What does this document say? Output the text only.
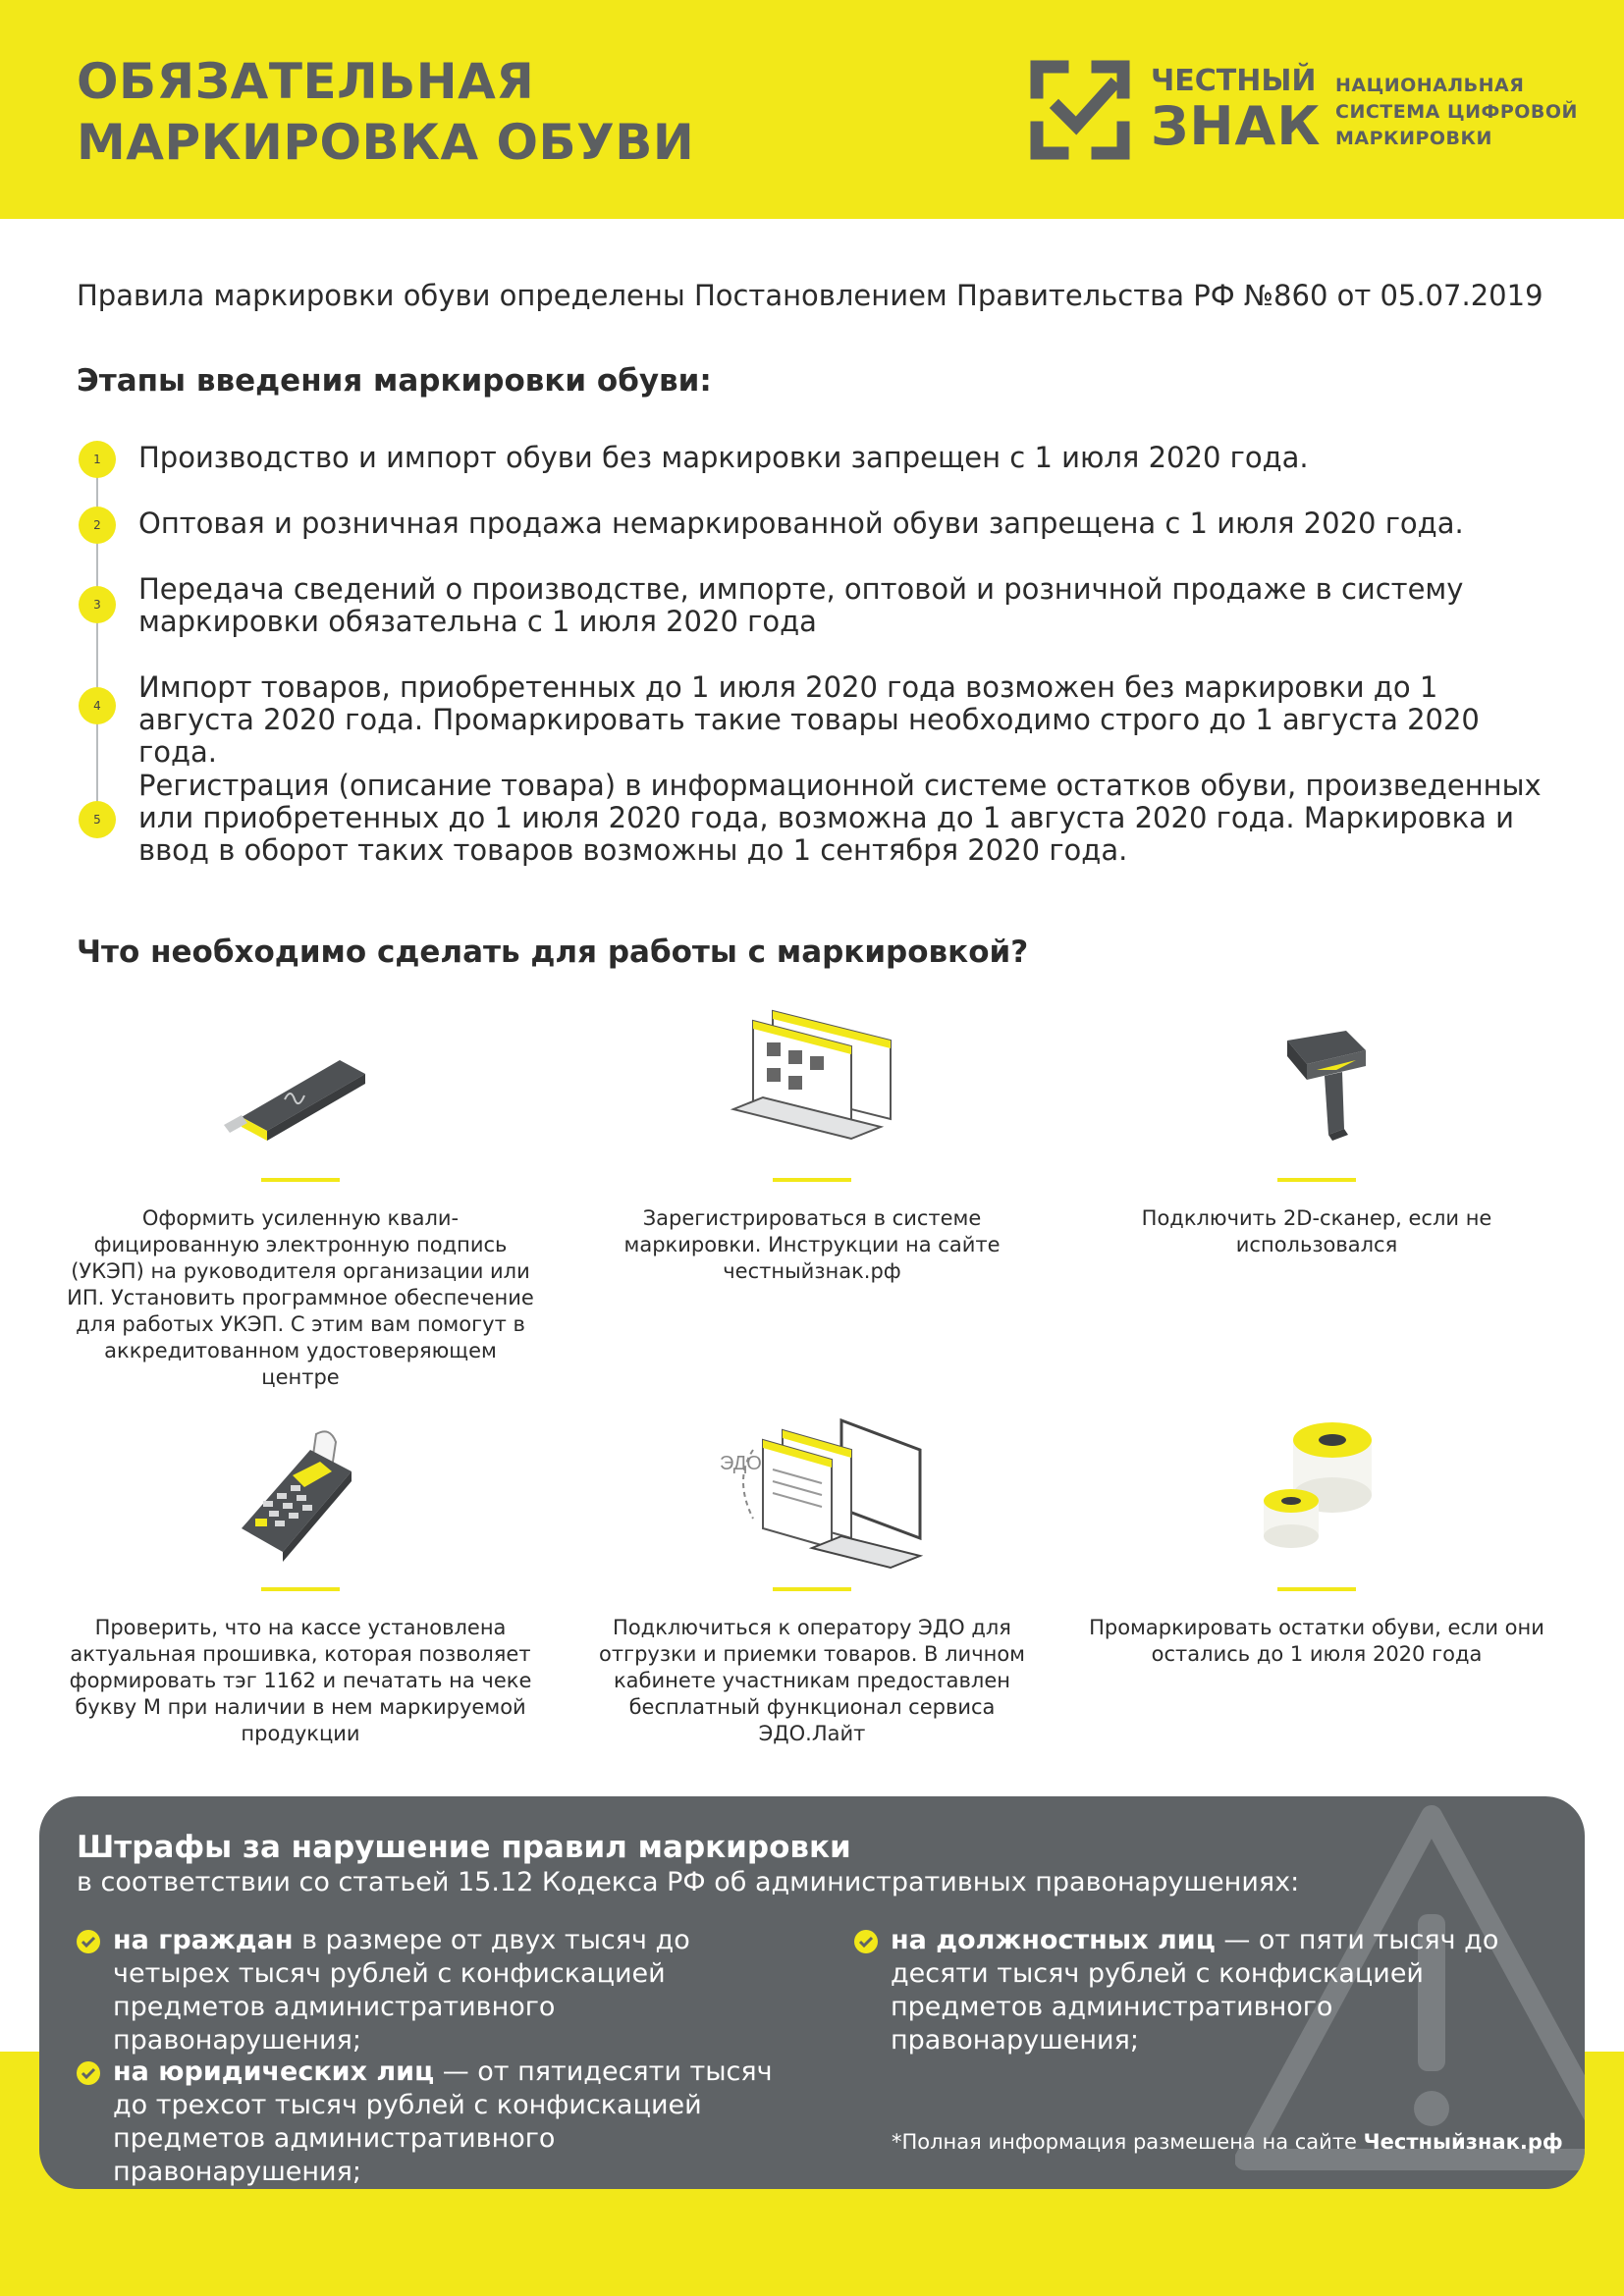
ОБЯЗАТЕЛЬНАЯ
МАРКИРОВКА ОБУВИ
ЧЕСТНЫЙ
ЗНАК
НАЦИОНАЛЬНАЯ
СИСТЕМА ЦИФРОВОЙ
МАРКИРОВКИ
Правила маркировки обуви определены Постановлением Правительства РФ №860 от 05.07.2019
Этапы введения маркировки обуви:
1	Производство и импорт обуви без маркировки запрещен с 1 июля 2020 года.

2	Оптовая и розничная продажа немаркированной обуви запрещена с 1 июля 2020 года.

3	Передача сведений о производстве, импорте, оптовой и розничной продаже в систему маркировки обязательна с 1 июля 2020 года

4

Импорт товаров, приобретенных до 1 июля 2020 года возможен без маркировки до 1 августа 2020 года. Промаркировать такие товары необходимо строго до 1 августа 2020 года.

5

Регистрация (описание товара) в информационной системе остатков обуви, произведенных или приобретенных до 1 июля 2020 года, возможна до 1 августа 2020 года. Маркировка и ввод в оборот таких товаров возможны до 1 сентября 2020 года.

Что необходимо сделать для работы с маркировкой?

Оформить усиленную квали-фицированную электронную подпись (УКЭП) на руководителя организации или ИП. Установить программное обеспечение для работых УКЭП. С этим вам помогут в аккредитованном удостоверяющем центре

Зарегистрироваться в системе маркировки. Инструкции на сайте честныйзнак.рф

Подключить 2D-сканер, если не использовался

Проверить, что на кассе установлена актуальная прошивка, которая позволяет формировать тэг 1162 и печатать на чеке букву М при наличии в нем маркируемой продукции

ЭДО

Подключиться к оператору ЭДО для отгрузки и приемки товаров. В личном кабинете участникам предоставлен бесплатный функционал сервиса ЭДО.Лайт

Промаркировать остатки обуви, если они остались до 1 июля 2020 года

Штрафы за нарушение правил маркировки
в соответствии со статьей 15.12 Кодекса РФ об административных правонарушениях:

на граждан в размере от двух тысяч до четырех тысяч рублей с конфискацией предметов административного правонарушения;

на должностных лиц — от пяти тысяч до десяти тысяч рублей с конфискацией предметов административного правонарушения;

на юридических лиц — от пятидесяти тысяч до трехсот тысяч рублей с конфискацией предметов административного правонарушения;

*Полная информация размешена на сайте Честныйзнак.рф
